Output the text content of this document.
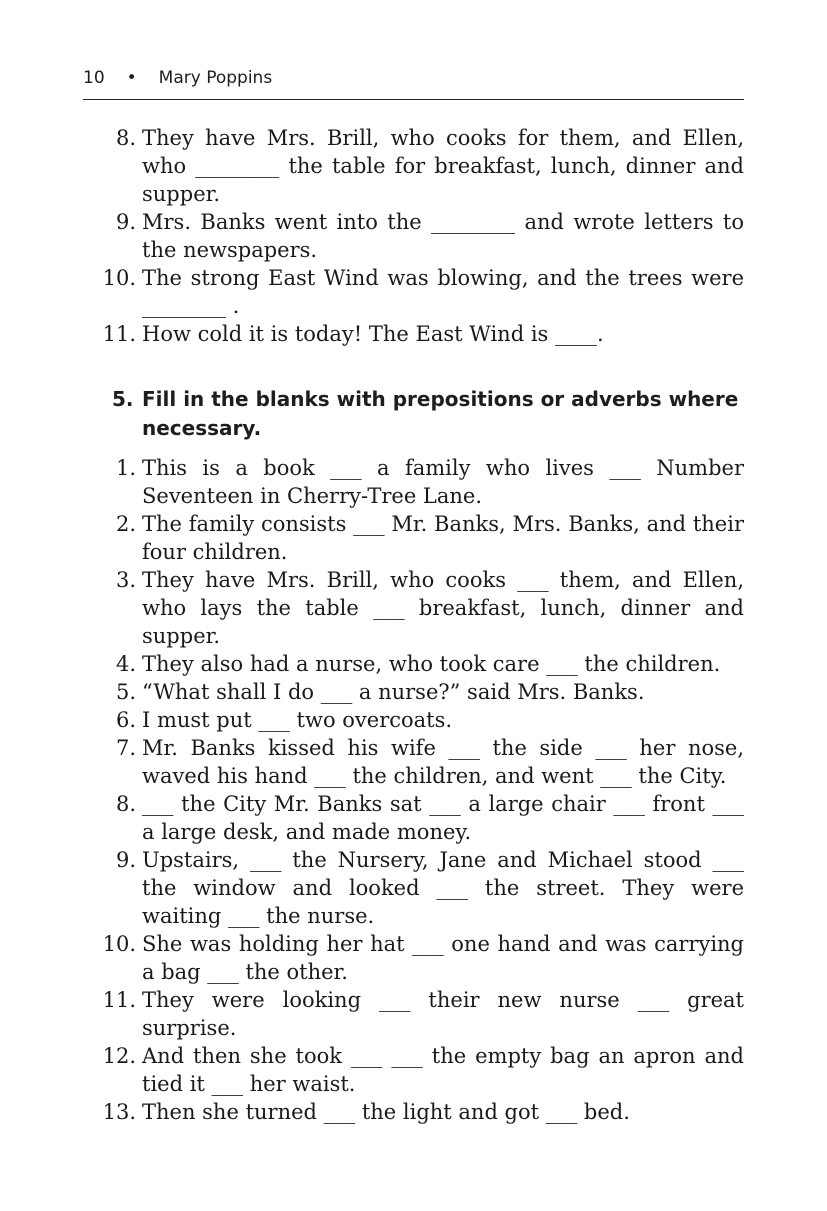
10 • Mary Poppins
8. They have Mrs. Brill, who cooks for them, and Ellen, who ________ the table for breakfast, lunch, dinner and supper.
9. Mrs. Banks went into the ________ and wrote letters to the newspapers.
10. The strong East Wind was blowing, and the trees were ________ .
11. How cold it is today! The East Wind is ____.
5. Fill in the blanks with prepositions or adverbs where necessary.
1. This is a book ___ a family who lives ___ Number Seventeen in Cherry-Tree Lane.
2. The family consists ___ Mr. Banks, Mrs. Banks, and their four children.
3. They have Mrs. Brill, who cooks ___ them, and Ellen, who lays the table ___ breakfast, lunch, dinner and supper.
4. They also had a nurse, who took care ___ the children.
5. “What shall I do ___ a nurse?” said Mrs. Banks.
6. I must put ___ two overcoats.
7. Mr. Banks kissed his wife ___ the side ___ her nose, waved his hand ___ the children, and went ___ the City.
8. ___ the City Mr. Banks sat ___ a large chair ___ front ___ a large desk, and made money.
9. Upstairs, ___ the Nursery, Jane and Michael stood ___ the window and looked ___ the street. They were waiting ___ the nurse.
10. She was holding her hat ___ one hand and was carrying a bag ___ the other.
11. They were looking ___ their new nurse ___ great surprise.
12. And then she took ___ ___ the empty bag an apron and tied it ___ her waist.
13. Then she turned ___ the light and got ___ bed.
